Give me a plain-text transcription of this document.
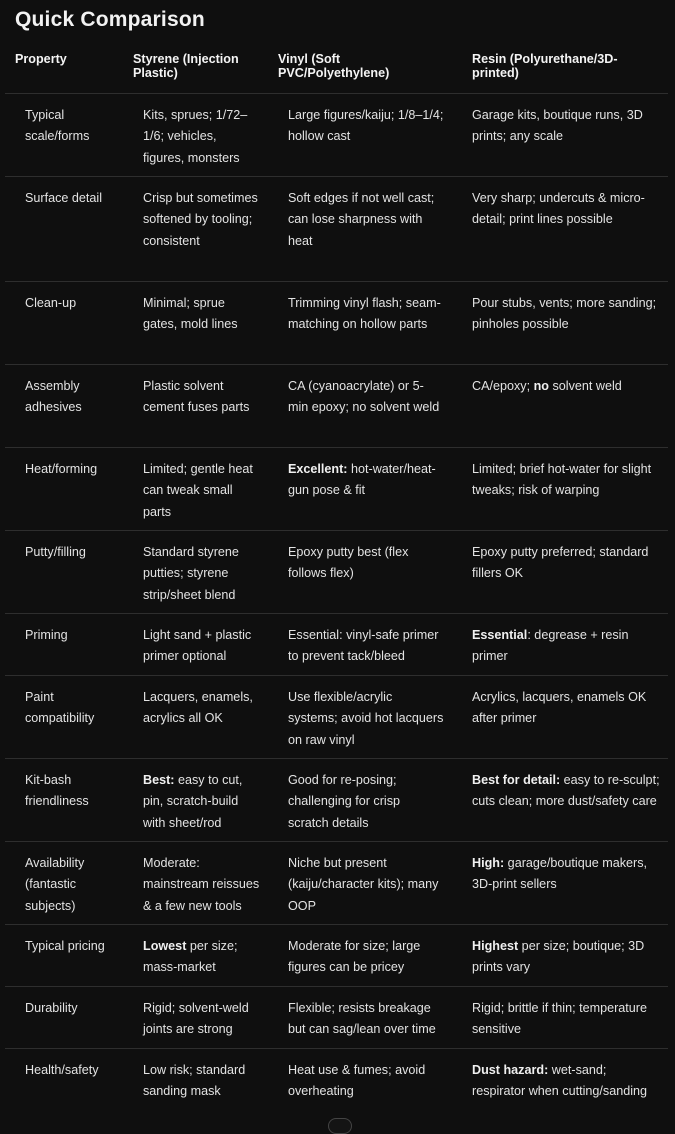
Quick Comparison
Property	Styrene (Injection Plastic)	Vinyl (Soft PVC/Polyethylene)	Resin (Polyurethane/3D-printed)
Typical scale/forms	Kits, sprues; 1/72–1/6; vehicles, figures, monsters	Large figures/kaiju; 1/8–1/4; hollow cast	Garage kits, boutique runs, 3D prints; any scale
Surface detail	Crisp but sometimes softened by tooling; consistent	Soft edges if not well cast; can lose sharpness with heat	Very sharp; undercuts & micro-detail; print lines possible
Clean-up	Minimal; sprue gates, mold lines	Trimming vinyl flash; seam-matching on hollow parts	Pour stubs, vents; more sanding; pinholes possible
Assembly adhesives	Plastic solvent cement fuses parts	CA (cyanoacrylate) or 5-min epoxy; no solvent weld	CA/epoxy; no solvent weld
Heat/forming	Limited; gentle heat can tweak small parts	Excellent: hot-water/heat-gun pose & fit	Limited; brief hot-water for slight tweaks; risk of warping
Putty/filling	Standard styrene putties; styrene strip/sheet blend	Epoxy putty best (flex follows flex)	Epoxy putty preferred; standard fillers OK
Priming	Light sand + plastic primer optional	Essential: vinyl-safe primer to prevent tack/bleed	Essential: degrease + resin primer
Paint compatibility	Lacquers, enamels, acrylics all OK	Use flexible/acrylic systems; avoid hot lacquers on raw vinyl	Acrylics, lacquers, enamels OK after primer
Kit-bash friendliness	Best: easy to cut, pin, scratch-build with sheet/rod	Good for re-posing; challenging for crisp scratch details	Best for detail: easy to re-sculpt; cuts clean; more dust/safety care
Availability (fantastic subjects)	Moderate: mainstream reissues & a few new tools	Niche but present (kaiju/character kits); many OOP	High: garage/boutique makers, 3D-print sellers
Typical pricing	Lowest per size; mass-market	Moderate for size; large figures can be pricey	Highest per size; boutique; 3D prints vary
Durability	Rigid; solvent-weld joints are strong	Flexible; resists breakage but can sag/lean over time	Rigid; brittle if thin; temperature sensitive
Health/safety	Low risk; standard sanding mask	Heat use & fumes; avoid overheating	Dust hazard: wet-sand; respirator when cutting/sanding
